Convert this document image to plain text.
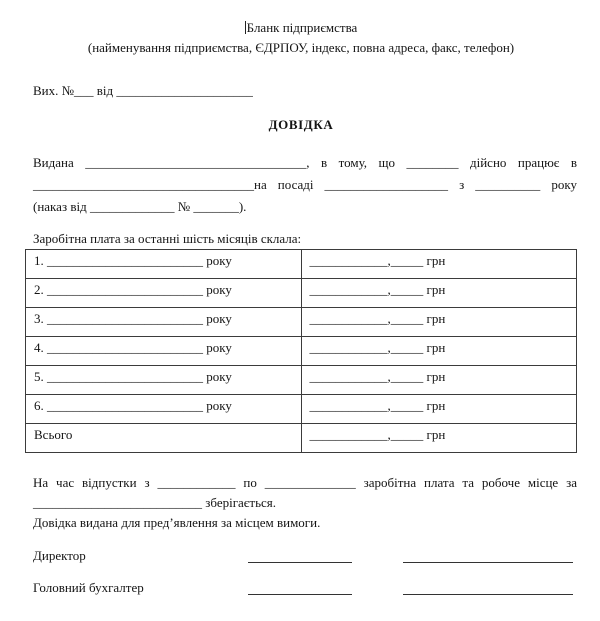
Бланк підприємства
(найменування підприємства, ЄДРПОУ, індекс, повна адреса, факс, телефон)
Вих. №___ від _____________________
ДОВІДКА
Видана __________________________________, в тому, що ________ дійсно працює в
__________________________________на посаді ___________________ з __________ року
(наказ від _____________ № _______).
Заробітна плата за останні шість місяців склала:
1. ________________________ року	____________,_____ грн
2. ________________________ року	____________,_____ грн
3. ________________________ року	____________,_____ грн
4. ________________________ року	____________,_____ грн
5. ________________________ року	____________,_____ грн
6. ________________________ року	____________,_____ грн
Всього	____________,_____ грн
На час відпустки з ____________ по ______________ заробітна плата та робоче місце за
__________________________ зберігається.
Довідка видана для пред’явлення за місцем вимоги.
Директор
Головний бухгалтер
